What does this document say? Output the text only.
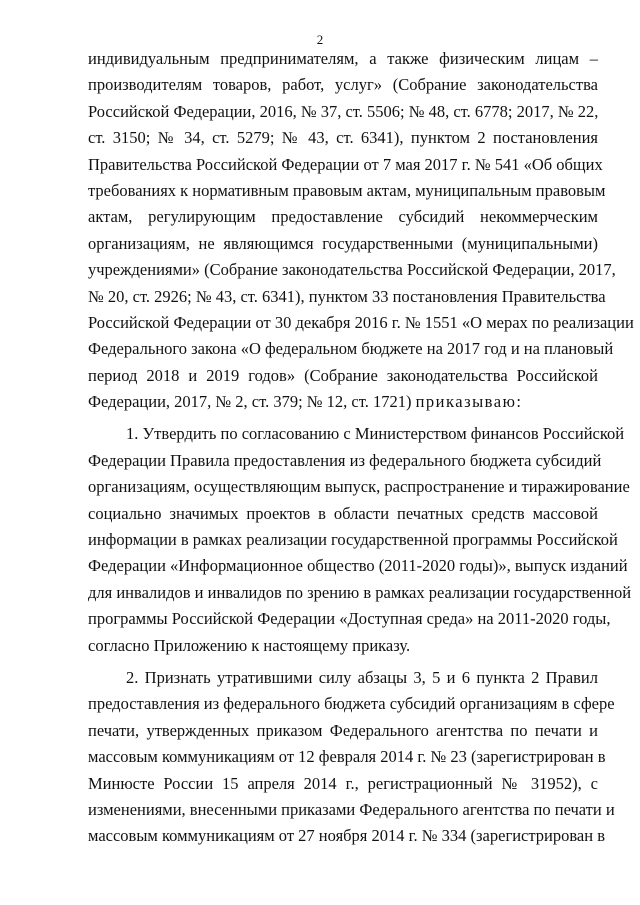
2
индивидуальным предпринимателям, а также физическим лицам –
производителям товаров, работ, услуг» (Собрание законодательства
Российской Федерации, 2016, № 37, ст. 5506; № 48, ст. 6778; 2017, № 22,
ст. 3150; № 34, ст. 5279; № 43, ст. 6341), пунктом 2 постановления
Правительства Российской Федерации от 7 мая 2017 г. № 541 «Об общих
требованиях к нормативным правовым актам, муниципальным правовым
актам, регулирующим предоставление субсидий некоммерческим
организациям, не являющимся государственными (муниципальными)
учреждениями» (Собрание законодательства Российской Федерации, 2017,
№ 20, ст. 2926; № 43, ст. 6341), пунктом 33 постановления Правительства
Российской Федерации от 30 декабря 2016 г. № 1551 «О мерах по реализации
Федерального закона «О федеральном бюджете на 2017 год и на плановый
период 2018 и 2019 годов» (Собрание законодательства Российской
Федерации, 2017, № 2, ст. 379; № 12, ст. 1721) приказываю:
1. Утвердить по согласованию с Министерством финансов Российской
Федерации Правила предоставления из федерального бюджета субсидий
организациям, осуществляющим выпуск, распространение и тиражирование
социально значимых проектов в области печатных средств массовой
информации в рамках реализации государственной программы Российской
Федерации «Информационное общество (2011-2020 годы)», выпуск изданий
для инвалидов и инвалидов по зрению в рамках реализации государственной
программы Российской Федерации «Доступная среда» на 2011-2020 годы,
согласно Приложению к настоящему приказу.
2. Признать утратившими силу абзацы 3, 5 и 6 пункта 2 Правил
предоставления из федерального бюджета субсидий организациям в сфере
печати, утвержденных приказом Федерального агентства по печати и
массовым коммуникациям от 12 февраля 2014 г. № 23 (зарегистрирован в
Минюсте России 15 апреля 2014 г., регистрационный № 31952), с
изменениями, внесенными приказами Федерального агентства по печати и
массовым коммуникациям от 27 ноября 2014 г. № 334 (зарегистрирован в
